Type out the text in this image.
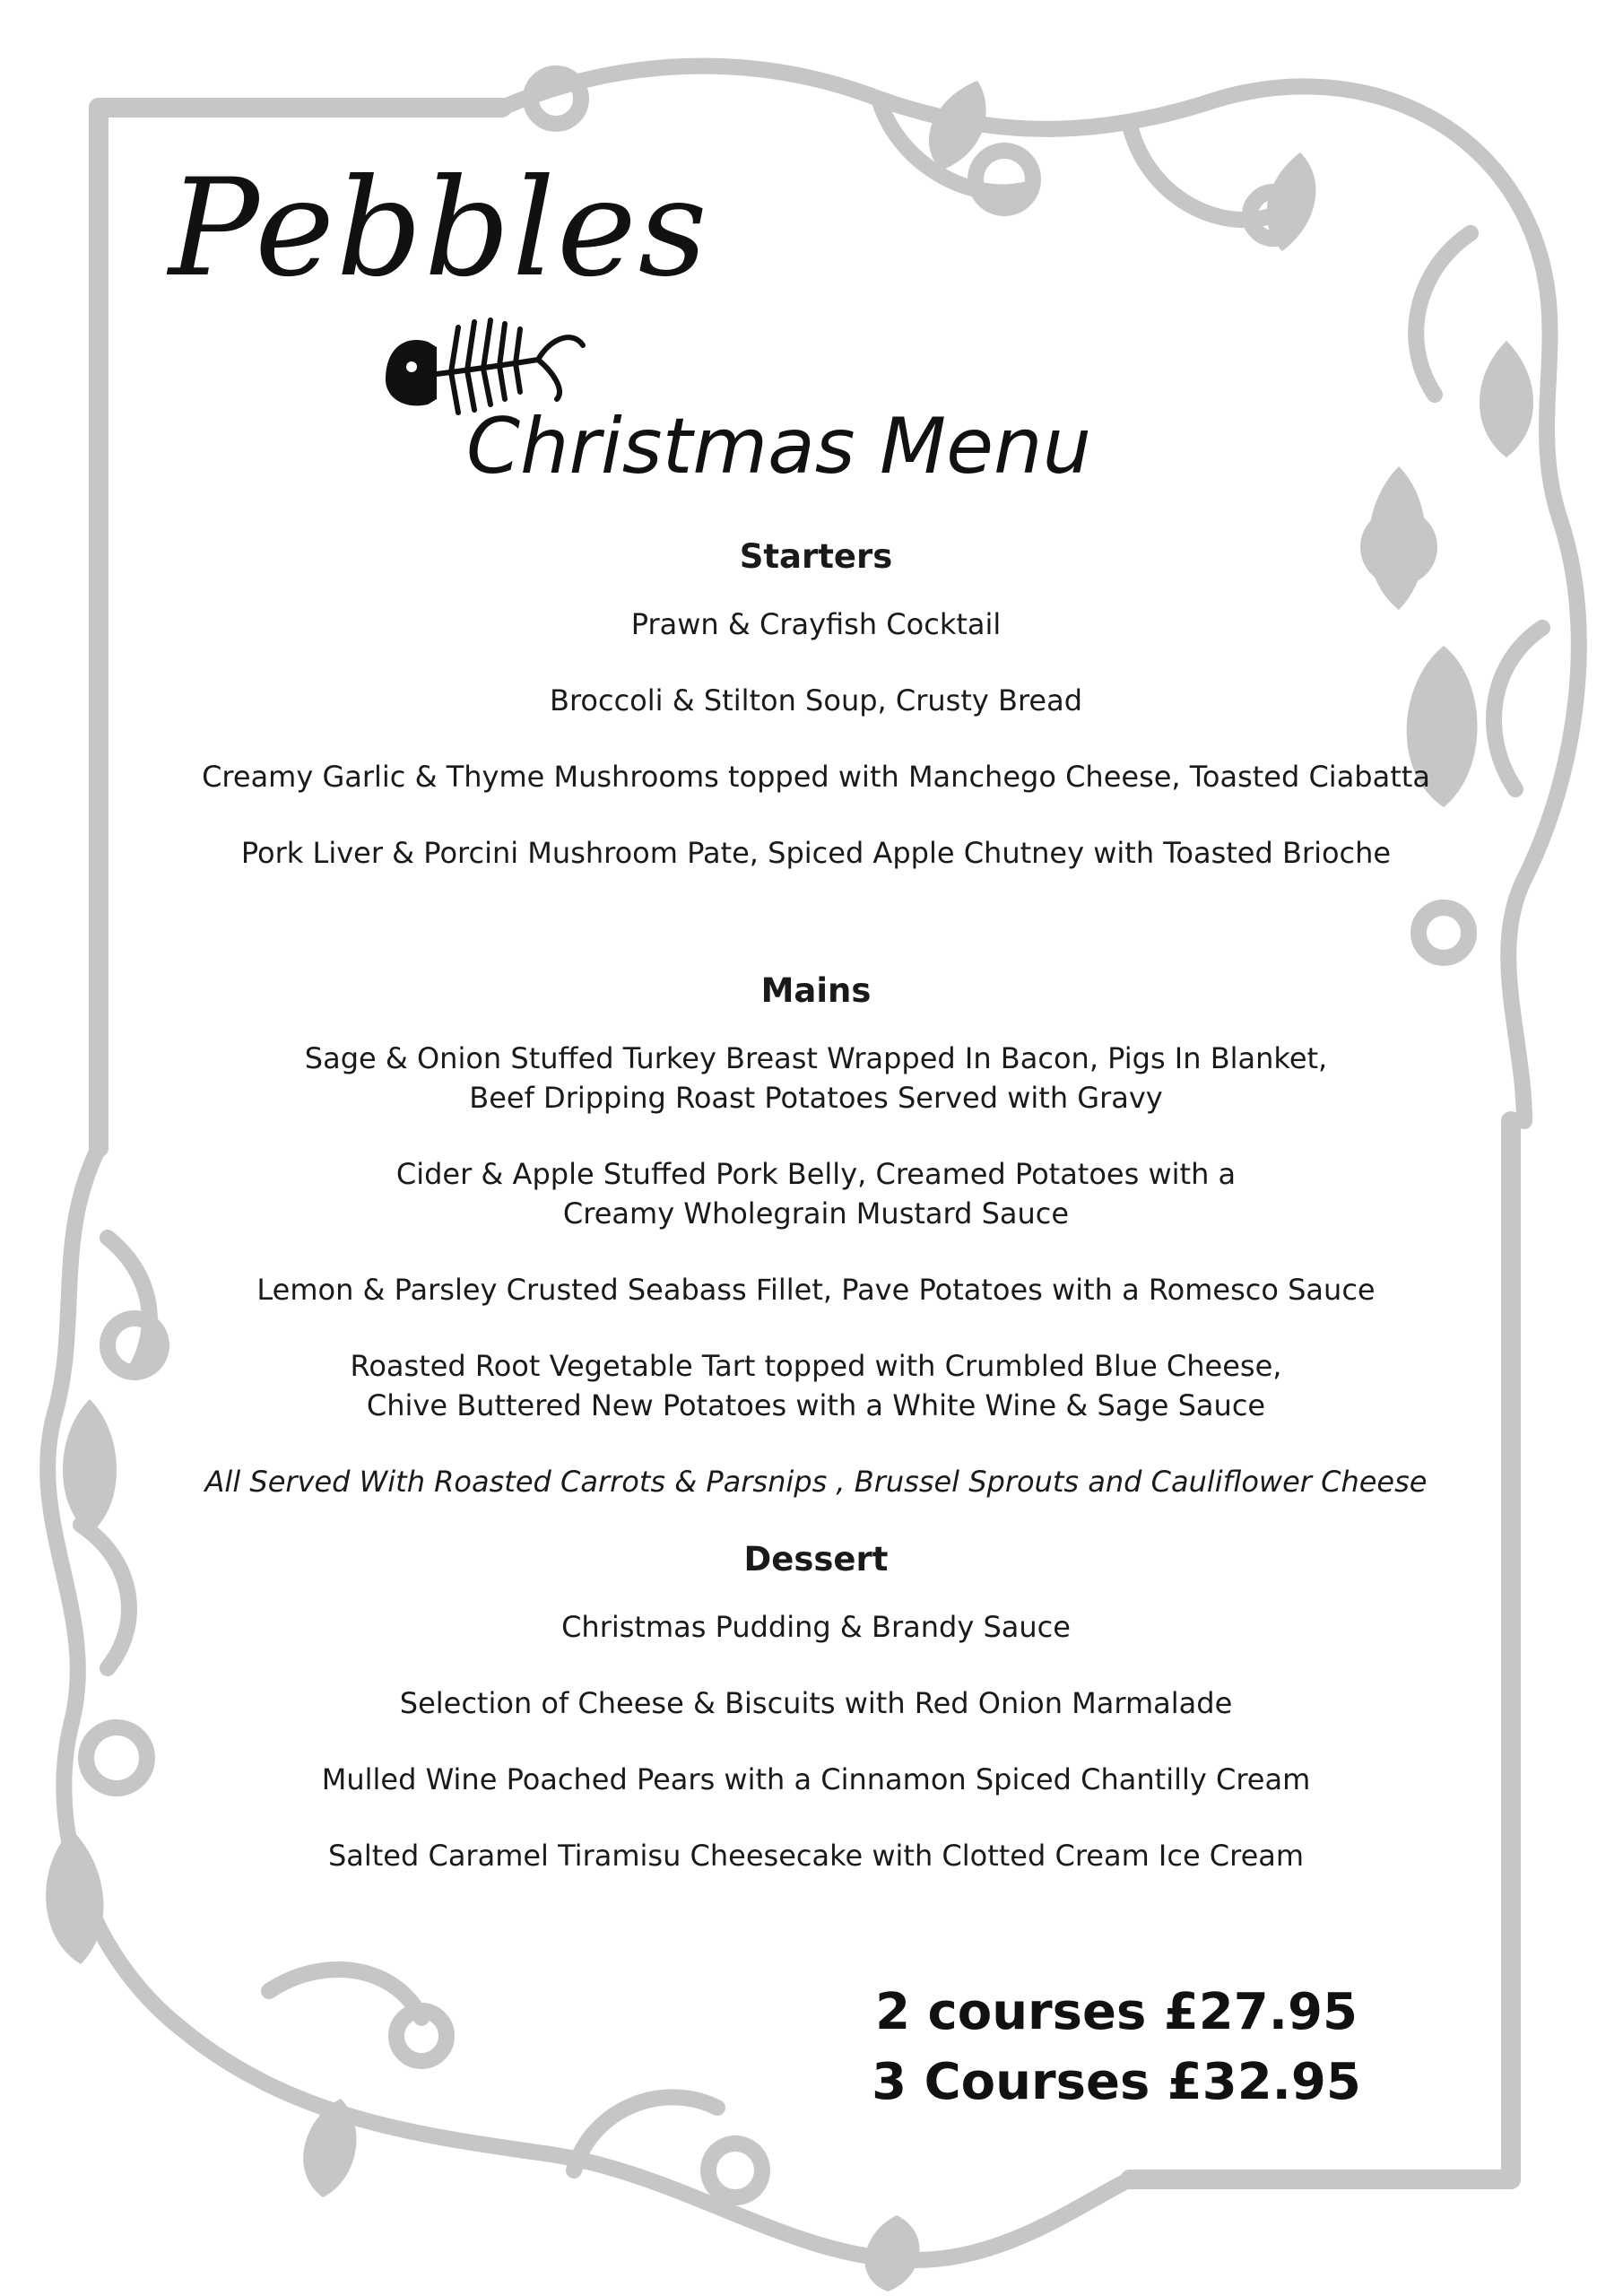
Pebbles
Christmas Menu
Starters
Prawn & Crayfish Cocktail
Broccoli & Stilton Soup, Crusty Bread
Creamy Garlic & Thyme Mushrooms topped with Manchego Cheese, Toasted Ciabatta
Pork Liver & Porcini Mushroom Pate, Spiced Apple Chutney with Toasted Brioche
Mains
Sage & Onion Stuffed Turkey Breast Wrapped In Bacon, Pigs In Blanket,
Beef Dripping Roast Potatoes Served with Gravy
Cider & Apple Stuffed Pork Belly, Creamed Potatoes with a
Creamy Wholegrain Mustard Sauce
Lemon & Parsley Crusted Seabass Fillet, Pave Potatoes with a Romesco Sauce
Roasted Root Vegetable Tart topped with Crumbled Blue Cheese,
Chive Buttered New Potatoes with a White Wine & Sage Sauce
All Served With Roasted Carrots & Parsnips , Brussel Sprouts and Cauliflower Cheese
Dessert
Christmas Pudding & Brandy Sauce
Selection of Cheese & Biscuits with Red Onion Marmalade
Mulled Wine Poached Pears with a Cinnamon Spiced Chantilly Cream
Salted Caramel Tiramisu Cheesecake with Clotted Cream Ice Cream
2 courses £27.95
3 Courses £32.95
